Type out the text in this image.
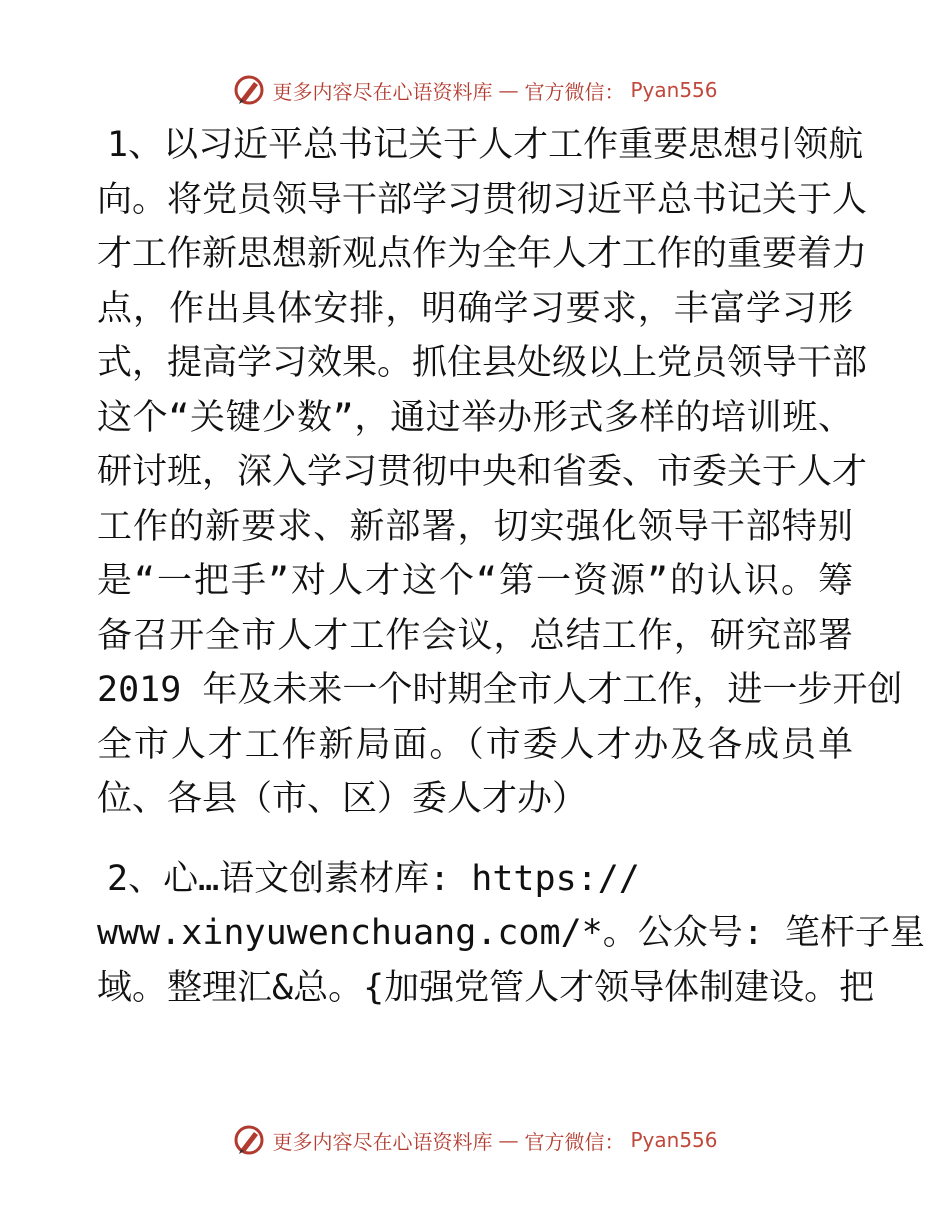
更多内容尽在心语资料库 — 官方微信： Pyan556
1、以习近平总书记关于人才工作重要思想引领航
向。将党员领导干部学习贯彻习近平总书记关于人
才工作新思想新观点作为全年人才工作的重要着力
点，作出具体安排，明确学习要求，丰富学习形
式，提高学习效果。抓住县处级以上党员领导干部
这个“关键少数”，通过举办形式多样的培训班、
研讨班，深入学习贯彻中央和省委、市委关于人才
工作的新要求、新部署，切实强化领导干部特别
是“一把手”对人才这个“第一资源”的认识。筹
备召开全市人才工作会议，总结工作，研究部署
2019 年及未来一个时期全市人才工作，进一步开创
全市人才工作新局面。（市委人才办及各成员单
位、各县（市、区）委人才办）
2、心…语文创素材库: https://
www.xinyuwenchuang.com/*。公众号: 笔杆子星
域。整理汇&总。{加强党管人才领导体制建设。把
更多内容尽在心语资料库 — 官方微信： Pyan556
